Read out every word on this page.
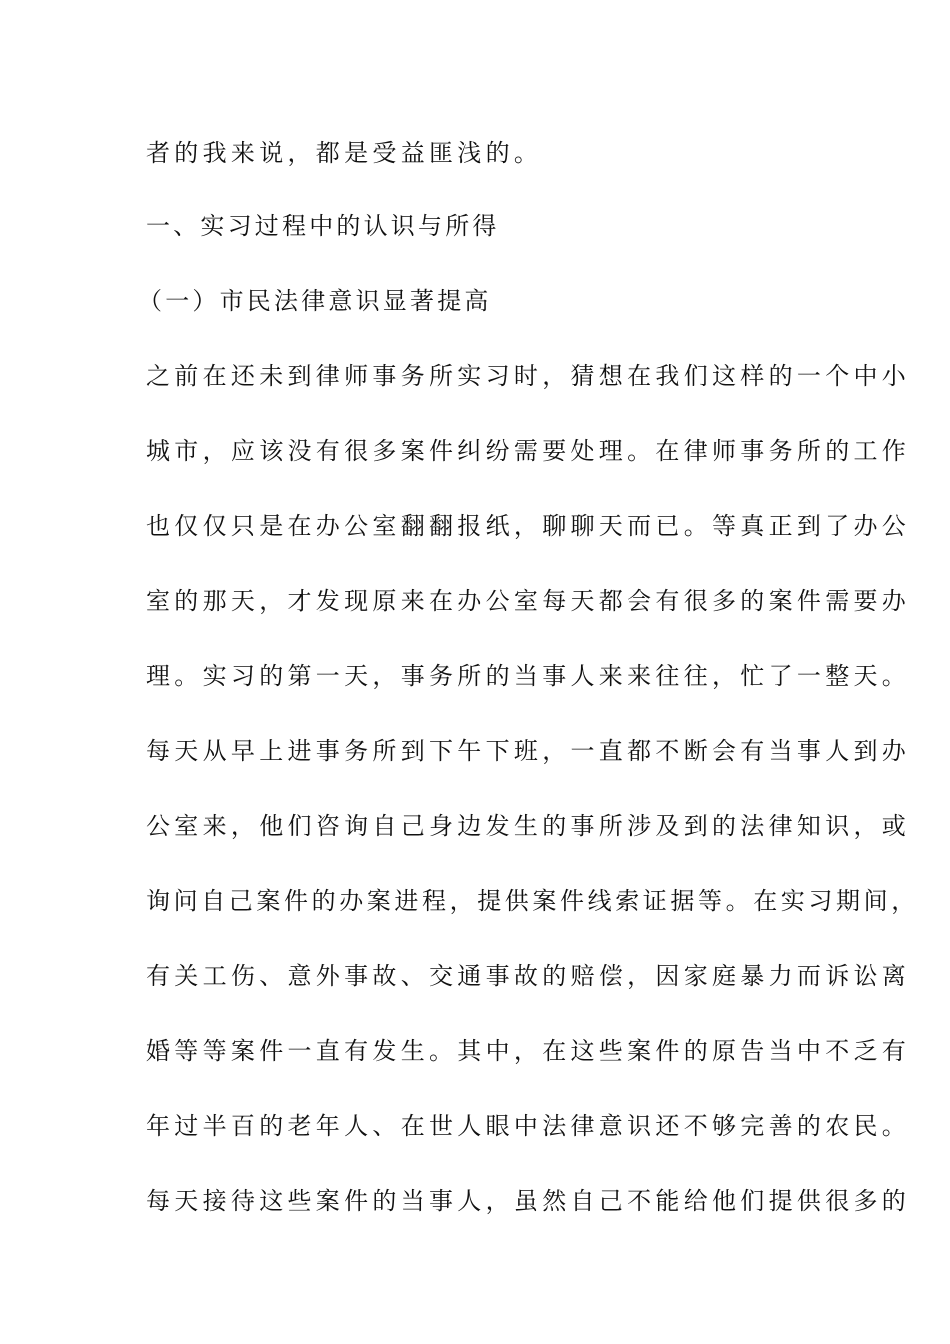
者的我来说，都是受益匪浅的。
一、实习过程中的认识与所得
（一）市民法律意识显著提高
之前在还未到律师事务所实习时，猜想在我们这样的一个中小
城市，应该没有很多案件纠纷需要处理。在律师事务所的工作
也仅仅只是在办公室翻翻报纸，聊聊天而已。等真正到了办公
室的那天，才发现原来在办公室每天都会有很多的案件需要办
理。实习的第一天，事务所的当事人来来往往，忙了一整天。
每天从早上进事务所到下午下班，一直都不断会有当事人到办
公室来，他们咨询自己身边发生的事所涉及到的法律知识，或
询问自己案件的办案进程，提供案件线索证据等。在实习期间，
有关工伤、意外事故、交通事故的赔偿，因家庭暴力而诉讼离
婚等等案件一直有发生。其中，在这些案件的原告当中不乏有
年过半百的老年人、在世人眼中法律意识还不够完善的农民。
每天接待这些案件的当事人，虽然自己不能给他们提供很多的
